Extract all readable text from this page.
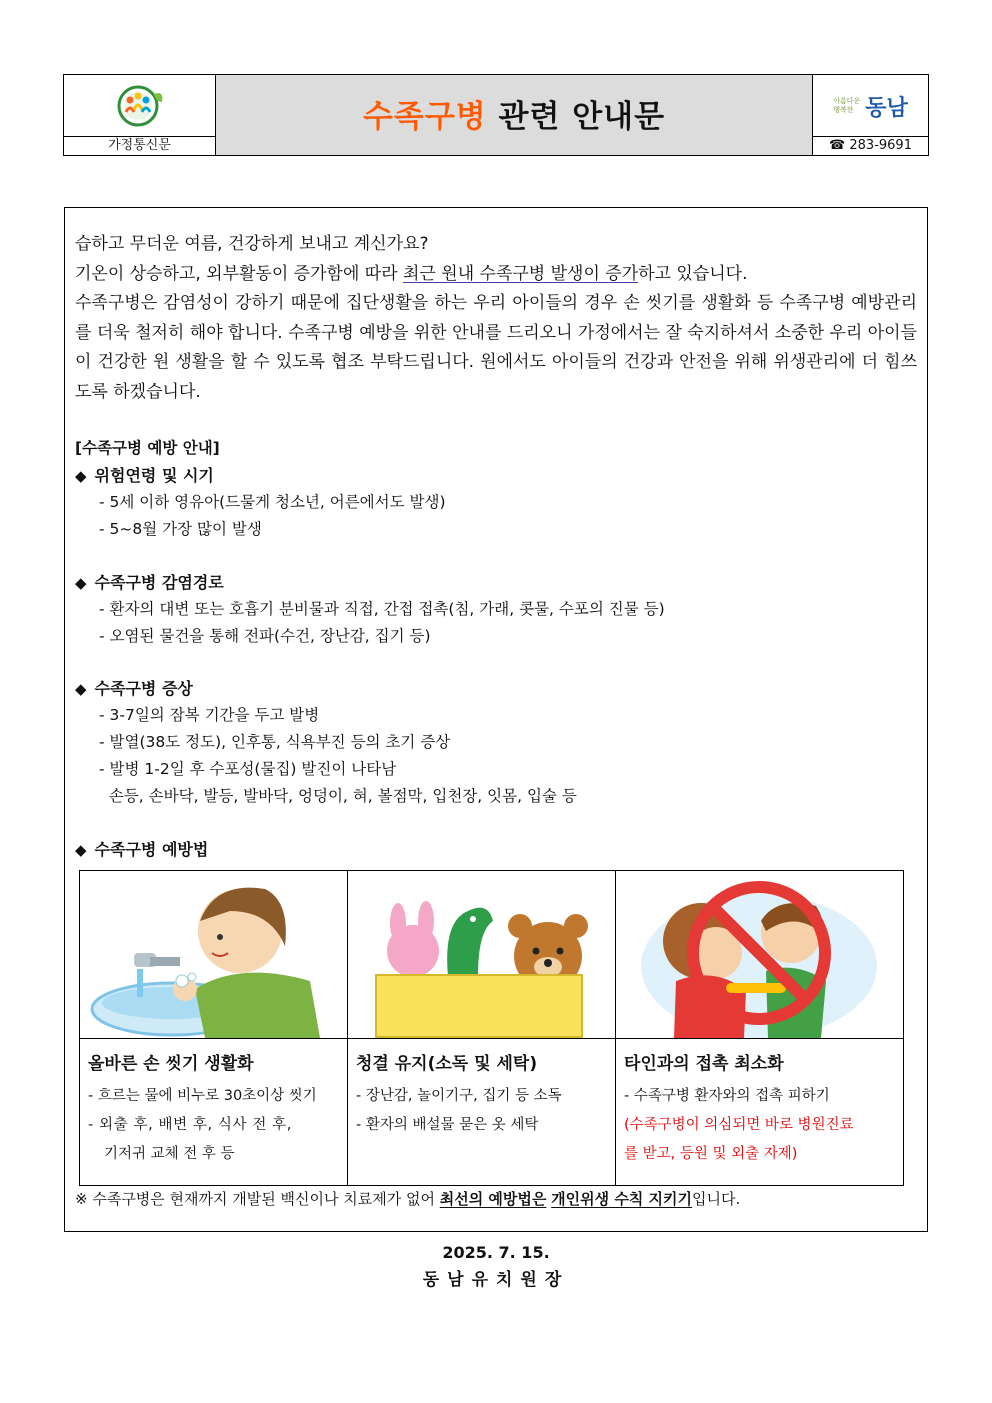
가정통신문
수족구병 관련 안내문	아름다운 행복한 동남
☎ 283-9691

습하고 무더운 여름, 건강하게 보내고 계신가요?

기온이 상승하고, 외부활동이 증가함에 따라 최근 원내 수족구병 발생이 증가하고 있습니다.

수족구병은 감염성이 강하기 때문에 집단생활을 하는 우리 아이들의 경우 손 씻기를 생활화 등 수족구병 예방관리를 더욱 철저히 해야 합니다. 수족구병 예방을 위한 안내를 드리오니 가정에서는 잘 숙지하셔서 소중한 우리 아이들이 건강한 원 생활을 할 수 있도록 협조 부탁드립니다. 원에서도 아이들의 건강과 안전을 위해 위생관리에 더 힘쓰도록 하겠습니다.

[수족구병 예방 안내]
◆ 위험연령 및 시기
- 5세 이하 영유아(드물게 청소년, 어른에서도 발생)
- 5~8월 가장 많이 발생
◆ 수족구병 감염경로
- 환자의 대변 또는 호흡기 분비물과 직접, 간접 접촉(침, 가래, 콧물, 수포의 진물 등)
- 오염된 물건을 통해 전파(수건, 장난감, 집기 등)
◆ 수족구병 증상
- 3-7일의 잠복 기간을 두고 발병
- 발열(38도 정도), 인후통, 식욕부진 등의 초기 증상
- 발병 1-2일 후 수포성(물집) 발진이 나타남
손등, 손바닥, 발등, 발바닥, 엉덩이, 혀, 볼점막, 입천장, 잇몸, 입술 등
◆ 수족구병 예방법
올바른 손 씻기 생활화
- 흐르는 물에 비누로 30초이상 씻기
- 외출 후, 배변 후, 식사 전 후,
기저귀 교체 전 후 등
청결 유지(소독 및 세탁)
- 장난감, 놀이기구, 집기 등 소독
- 환자의 배설물 묻은 옷 세탁
타인과의 접촉 최소화
- 수족구병 환자와의 접촉 피하기
(수족구병이 의심되면 바로 병원진료
를 받고, 등원 및 외출 자제)
※ 수족구병은 현재까지 개발된 백신이나 치료제가 없어 최선의 예방법은 개인위생 수칙 지키기입니다.
2025. 7. 15.
동남유치원장
